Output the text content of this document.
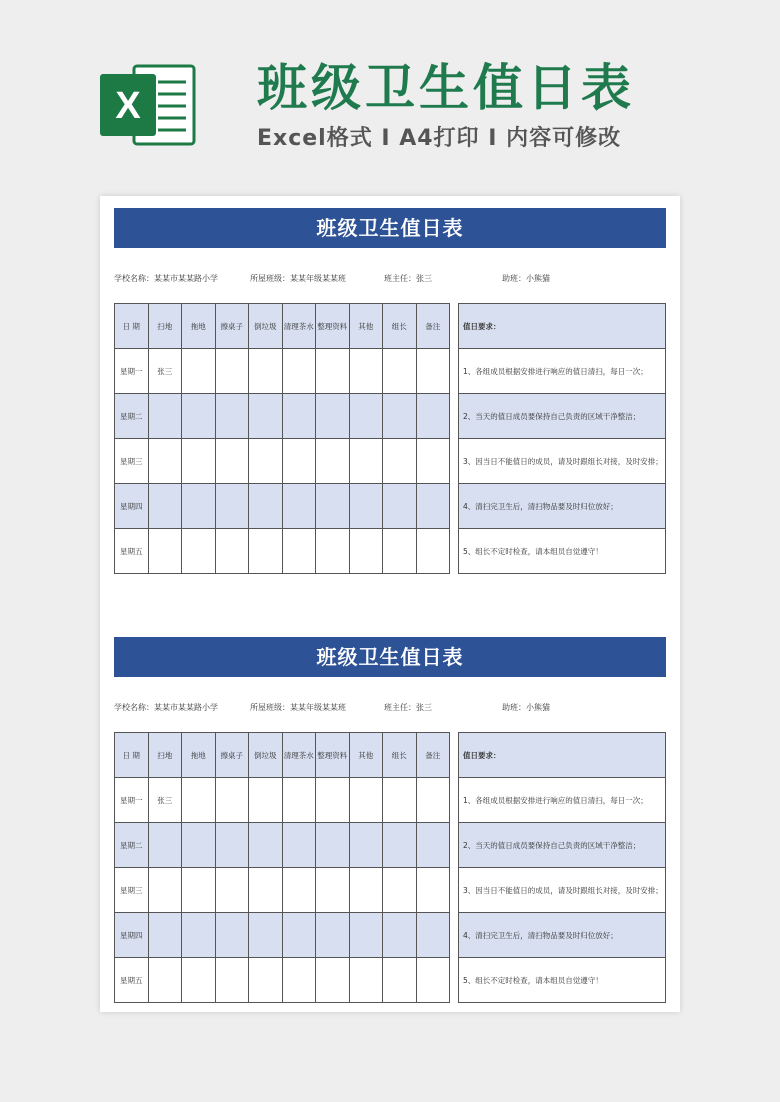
X 班级卫生值日表
Excel格式 I A4打印 I 内容可修改
班级卫生值日表
学校名称：某某市某某路小学	所屋班级：某某年级某某班	班主任：张三	助班：小熊猫
日 期	扫地	拖地	擦桌子	倒垃圾	清理茶水	整理资料	其他	组长	备注
星期一	张三								
星期二									
星期三									
星期四									
星期五									
值日要求：
1、各组成员根据安排进行响应的值日清扫，每日一次；
2、当天的值日成员要保持自己负责的区域干净整洁；
3、因当日不能值日的成员，请及时跟组长对接，及时安排；
4、清扫完卫生后，清扫物品要及时归位放好；
5、组长不定时检查，请本组员自觉遵守！
班级卫生值日表
学校名称：某某市某某路小学	所屋班级：某某年级某某班	班主任：张三	助班：小熊猫
日 期	扫地	拖地	擦桌子	倒垃圾	清理茶水	整理资料	其他	组长	备注
星期一	张三								
星期二									
星期三									
星期四									
星期五									
值日要求：
1、各组成员根据安排进行响应的值日清扫，每日一次；
2、当天的值日成员要保持自己负责的区域干净整洁；
3、因当日不能值日的成员，请及时跟组长对接，及时安排；
4、清扫完卫生后，清扫物品要及时归位放好；
5、组长不定时检查，请本组员自觉遵守！
